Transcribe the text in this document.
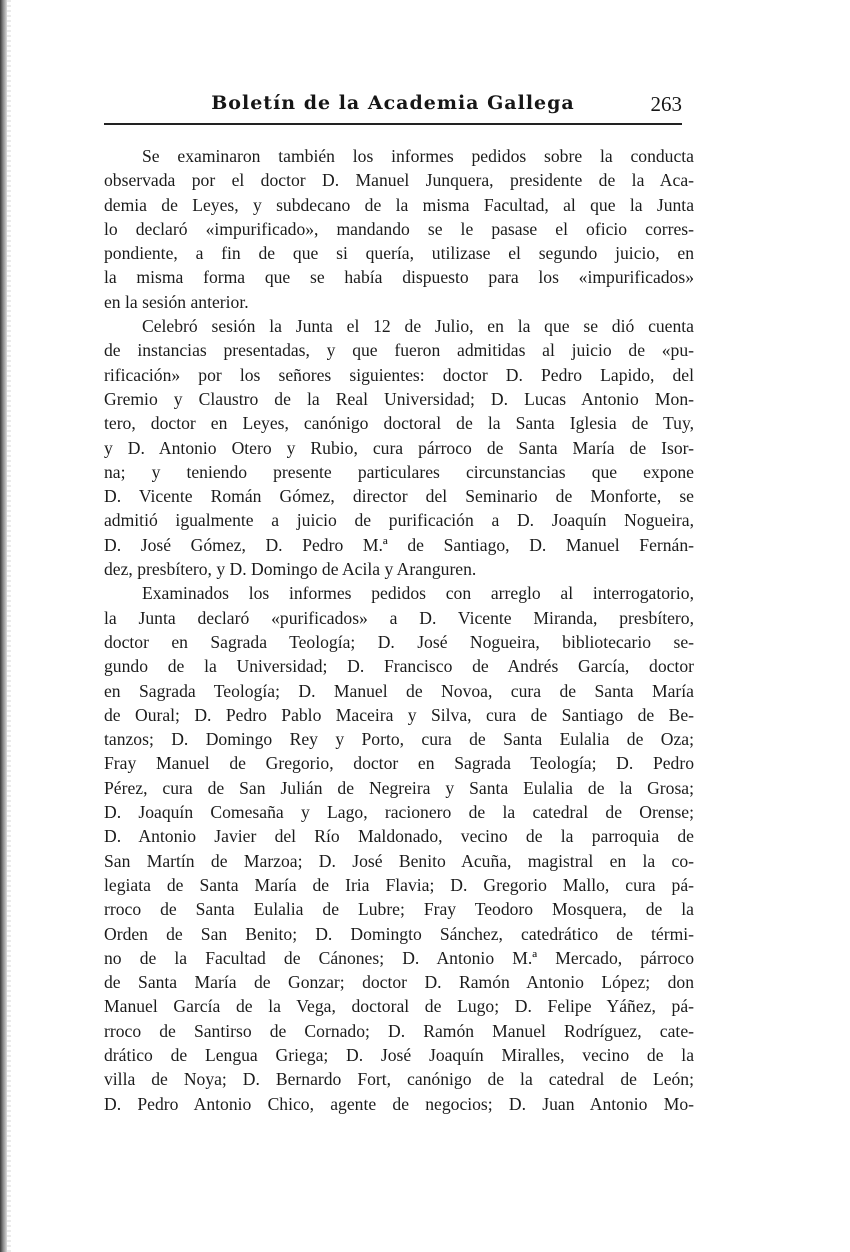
Boletín de la Academia Gallega	263
Se examinaron también los informes pedidos sobre la conducta
observada por el doctor D. Manuel Junquera, presidente de la Aca-
demia de Leyes, y subdecano de la misma Facultad, al que la Junta
lo declaró «impurificado», mandando se le pasase el oficio corres-
pondiente, a fin de que si quería, utilizase el segundo juicio, en
la misma forma que se había dispuesto para los «impurificados»
en la sesión anterior.
Celebró sesión la Junta el 12 de Julio, en la que se dió cuenta
de instancias presentadas, y que fueron admitidas al juicio de «pu-
rificación» por los señores siguientes: doctor D. Pedro Lapido, del
Gremio y Claustro de la Real Universidad; D. Lucas Antonio Mon-
tero, doctor en Leyes, canónigo doctoral de la Santa Iglesia de Tuy,
y D. Antonio Otero y Rubio, cura párroco de Santa María de Isor-
na; y teniendo presente particulares circunstancias que expone
D. Vicente Román Gómez, director del Seminario de Monforte, se
admitió igualmente a juicio de purificación a D. Joaquín Nogueira,
D. José Gómez, D. Pedro M.ª de Santiago, D. Manuel Fernán-
dez, presbítero, y D. Domingo de Acila y Aranguren.
Examinados los informes pedidos con arreglo al interrogatorio,
la Junta declaró «purificados» a D. Vicente Miranda, presbítero,
doctor en Sagrada Teología; D. José Nogueira, bibliotecario se-
gundo de la Universidad; D. Francisco de Andrés García, doctor
en Sagrada Teología; D. Manuel de Novoa, cura de Santa María
de Oural; D. Pedro Pablo Maceira y Silva, cura de Santiago de Be-
tanzos; D. Domingo Rey y Porto, cura de Santa Eulalia de Oza;
Fray Manuel de Gregorio, doctor en Sagrada Teología; D. Pedro
Pérez, cura de San Julián de Negreira y Santa Eulalia de la Grosa;
D. Joaquín Comesaña y Lago, racionero de la catedral de Orense;
D. Antonio Javier del Río Maldonado, vecino de la parroquia de
San Martín de Marzoa; D. José Benito Acuña, magistral en la co-
legiata de Santa María de Iria Flavia; D. Gregorio Mallo, cura pá-
rroco de Santa Eulalia de Lubre; Fray Teodoro Mosquera, de la
Orden de San Benito; D. Domingto Sánchez, catedrático de térmi-
no de la Facultad de Cánones; D. Antonio M.ª Mercado, párroco
de Santa María de Gonzar; doctor D. Ramón Antonio López; don
Manuel García de la Vega, doctoral de Lugo; D. Felipe Yáñez, pá-
rroco de Santirso de Cornado; D. Ramón Manuel Rodríguez, cate-
drático de Lengua Griega; D. José Joaquín Miralles, vecino de la
villa de Noya; D. Bernardo Fort, canónigo de la catedral de León;
D. Pedro Antonio Chico, agente de negocios; D. Juan Antonio Mo-
